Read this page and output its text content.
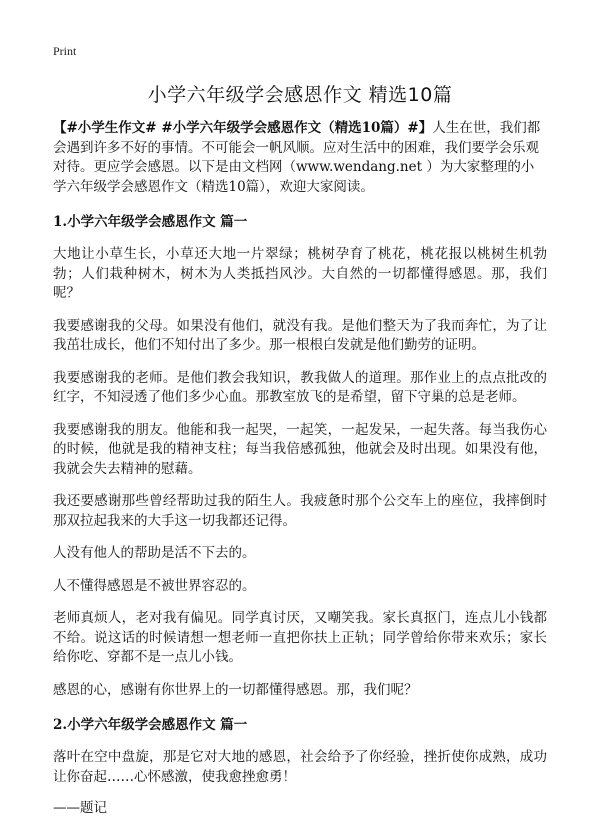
Print
小学六年级学会感恩作文 精选10篇

【#小学生作文# #小学六年级学会感恩作文（精选10篇）#】人生在世，我们都会遇到许多不好的事情。不可能会一帆风顺。应对生活中的困难，我们要学会乐观对待。更应学会感恩。以下是由文档网（www.wendang.net ）为大家整理的小学六年级学会感恩作文（精选10篇），欢迎大家阅读。

1.小学六年级学会感恩作文 篇一

大地让小草生长，小草还大地一片翠绿；桃树孕育了桃花，桃花报以桃树生机勃勃；人们栽种树木，树木为人类抵挡风沙。大自然的一切都懂得感恩。那，我们呢？

我要感谢我的父母。如果没有他们，就没有我。是他们整天为了我而奔忙，为了让我茁壮成长，他们不知付出了多少。那一根根白发就是他们勤劳的证明。

我要感谢我的老师。是他们教会我知识，教我做人的道理。那作业上的点点批改的红字，不知浸透了他们多少心血。那教室放飞的是希望，留下守巢的总是老师。

我要感谢我的朋友。他能和我一起哭，一起笑，一起发呆，一起失落。每当我伤心的时候，他就是我的精神支柱；每当我倍感孤独，他就会及时出现。如果没有他，我就会失去精神的慰藉。

我还要感谢那些曾经帮助过我的陌生人。我疲惫时那个公交车上的座位，我摔倒时那双拉起我来的大手这一切我都还记得。

人没有他人的帮助是活不下去的。

人不懂得感恩是不被世界容忍的。

老师真烦人，老对我有偏见。同学真讨厌，又嘲笑我。家长真抠门，连点儿小钱都不给。说这话的时候请想一想老师一直把你扶上正轨；同学曾给你带来欢乐；家长给你吃、穿都不是一点儿小钱。

感恩的心，感谢有你世界上的一切都懂得感恩。那，我们呢？

2.小学六年级学会感恩作文 篇一

落叶在空中盘旋，那是它对大地的感恩，社会给予了你经验，挫折使你成熟，成功让你奋起……心怀感激，使我愈挫愈勇！

——题记
